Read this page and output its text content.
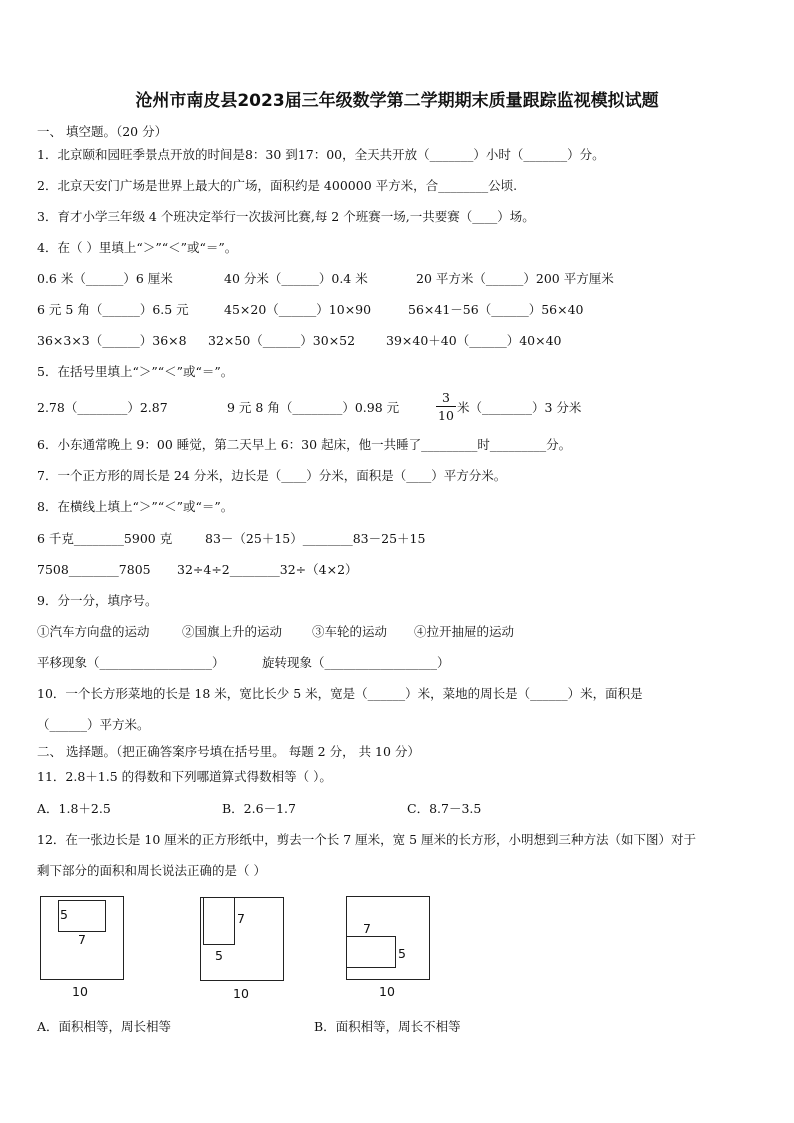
沧州市南皮县2023届三年级数学第二学期期末质量跟踪监视模拟试题
一、 填空题。（20 分）
1．北京颐和园旺季景点开放的时间是8：30 到17：00，全天共开放（_______）小时（_______）分。
2．北京天安门广场是世界上最大的广场，面积约是 400000 平方米，合________公顷.
3．育才小学三年级 4 个班决定举行一次拔河比赛,每 2 个班赛一场,一共要赛（____）场。
4．在（ ）里填上“＞”“＜”或“＝”。
0.6 米（______）6 厘米	40 分米（______）0.4 米	20 平方米（______）200 平方厘米
6 元 5 角（______）6.5 元	45×20（______）10×90	56×41－56（______）56×40
36×3×3（______）36×8 32×50（______）30×52 39×40＋40（______）40×40
5．在括号里填上“＞”“＜”或“＝”。
2.78（________）2.87	9 元 8 角（________）0.98 元
3
10
米（________）3 分米
6．小东通常晚上 9：00 睡觉，第二天早上 6：30 起床，他一共睡了_________时_________分。
7．一个正方形的周长是 24 分米，边长是（____）分米，面积是（____）平方分米。
8．在横线上填上“＞”“＜”或“＝”。
6 千克________5900 克	83－（25＋15）________83－25＋15
7508________7805 32÷4÷2________32÷（4×2）
9．分一分，填序号。
①汽车方向盘的运动	②国旗上升的运动 ③车轮的运动 ④拉开抽屉的运动
平移现象（__________________）	旋转现象（__________________）
10．一个长方形菜地的长是 18 米，宽比长少 5 米，宽是（______）米，菜地的周长是（______）米，面积是
（______）平方米。
二、 选择题。（把正确答案序号填在括号里。 每题 2 分， 共 10 分）
11．2.8＋1.5 的得数和下列哪道算式得数相等（ ）。
A．1.8＋2.5	B．2.6－1.7	C．8.7－3.5
12．在一张边长是 10 厘米的正方形纸中，剪去一个长 7 厘米，宽 5 厘米的长方形，小明想到三种方法（如下图）对于
剩下部分的面积和周长说法正确的是（ ）
5
7
10
7
5
10
7
5
10
A．面积相等，周长相等	B．面积相等，周长不相等
